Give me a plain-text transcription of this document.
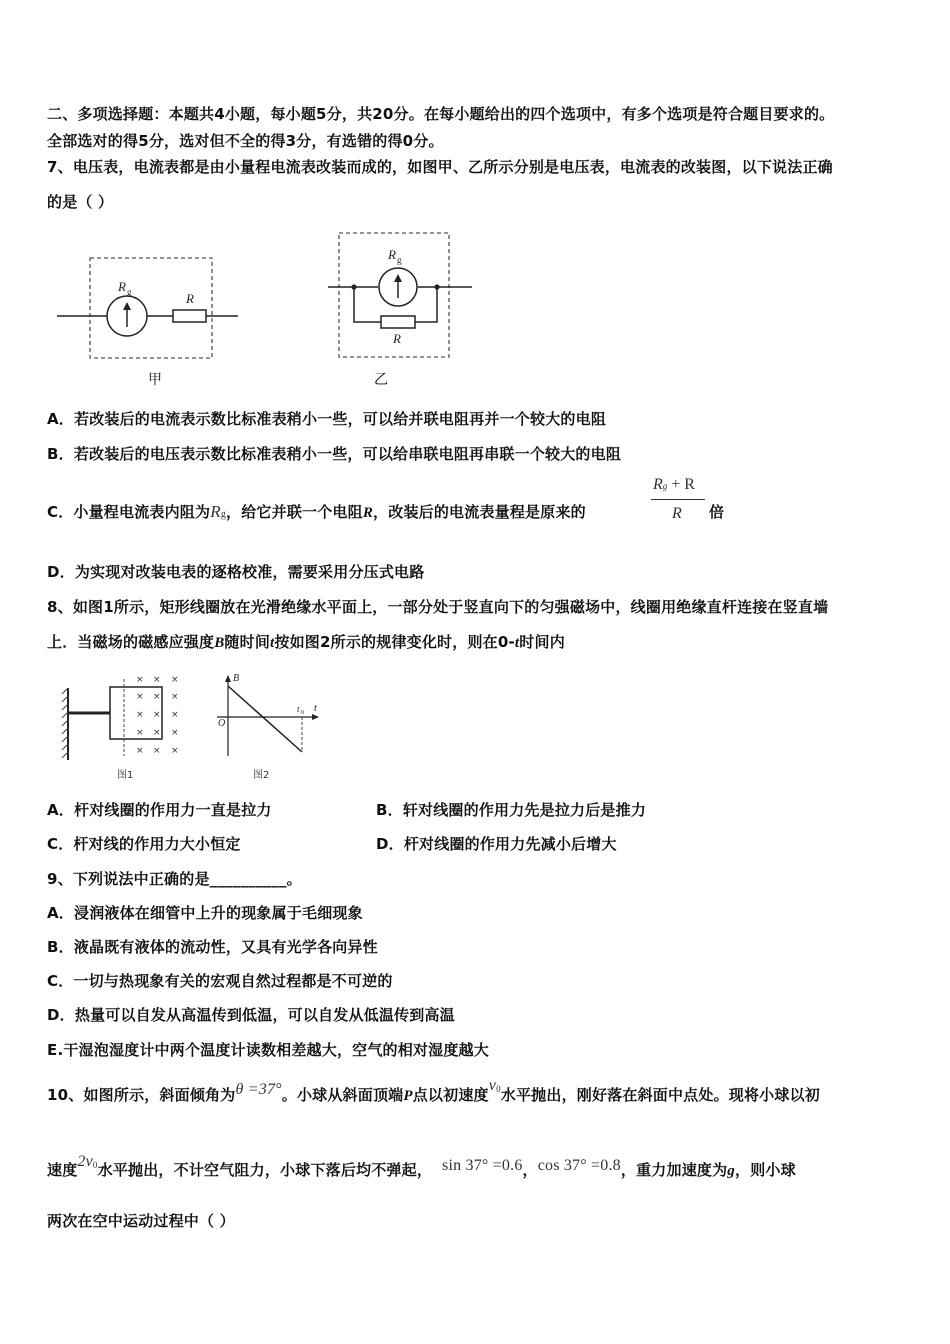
二、多项选择题：本题共4小题，每小题5分，共20分。在每小题给出的四个选项中，有多个选项是符合题目要求的。
全部选对的得5分，选对但不全的得3分，有选错的得0分。
7、电压表，电流表都是由小量程电流表改装而成的，如图甲、乙所示分别是电压表，电流表的改装图，以下说法正确
的是（ ）
R g	R
甲
R g
R
乙
A．若改装后的电流表示数比标准表稍小一些，可以给并联电阻再并一个较大的电阻
B．若改装后的电压表示数比标准表稍小一些，可以给串联电阻再串联一个较大的电阻
C．小量程电流表内阻为Rg，给它并联一个电阻R，改装后的电流表量程是原来的
Rg + R
R 倍
D．为实现对改装电表的逐格校准，需要采用分压式电路
8、如图1所示，矩形线圈放在光滑绝缘水平面上，一部分处于竖直向下的匀强磁场中，线圈用绝缘直杆连接在竖直墙
上．当磁场的磁感应强度B随时间t按如图2所示的规律变化时，则在0-t时间内
× × ×
× × ×
× × ×
× × ×
× × ×
图1
B
t
O
t 0
图2
A．杆对线圈的作用力一直是拉力	B．轩对线圈的作用力先是拉力后是推力
C．杆对线的作用力大小恒定	D．杆对线圈的作用力先减小后增大
9、下列说法中正确的是__________。
A．浸润液体在细管中上升的现象属于毛细现象
B．液晶既有液体的流动性，又具有光学各向异性
C．一切与热现象有关的宏观自然过程都是不可逆的
D．热量可以自发从高温传到低温，可以自发从低温传到高温
E.干湿泡湿度计中两个温度计读数相差越大，空气的相对湿度越大
10、如图所示，斜面倾角为θ =37°。小球从斜面顶端P点以初速度$v^0$水平抛出，刚好落在斜面中点处。现将小球以初
速度$2v^0$水平抛出，不计空气阻力，小球下落后均不弹起， sin 37° =0.6，cos 37° =0.8，重力加速度为g，则小球
两次在空中运动过程中（ ）
